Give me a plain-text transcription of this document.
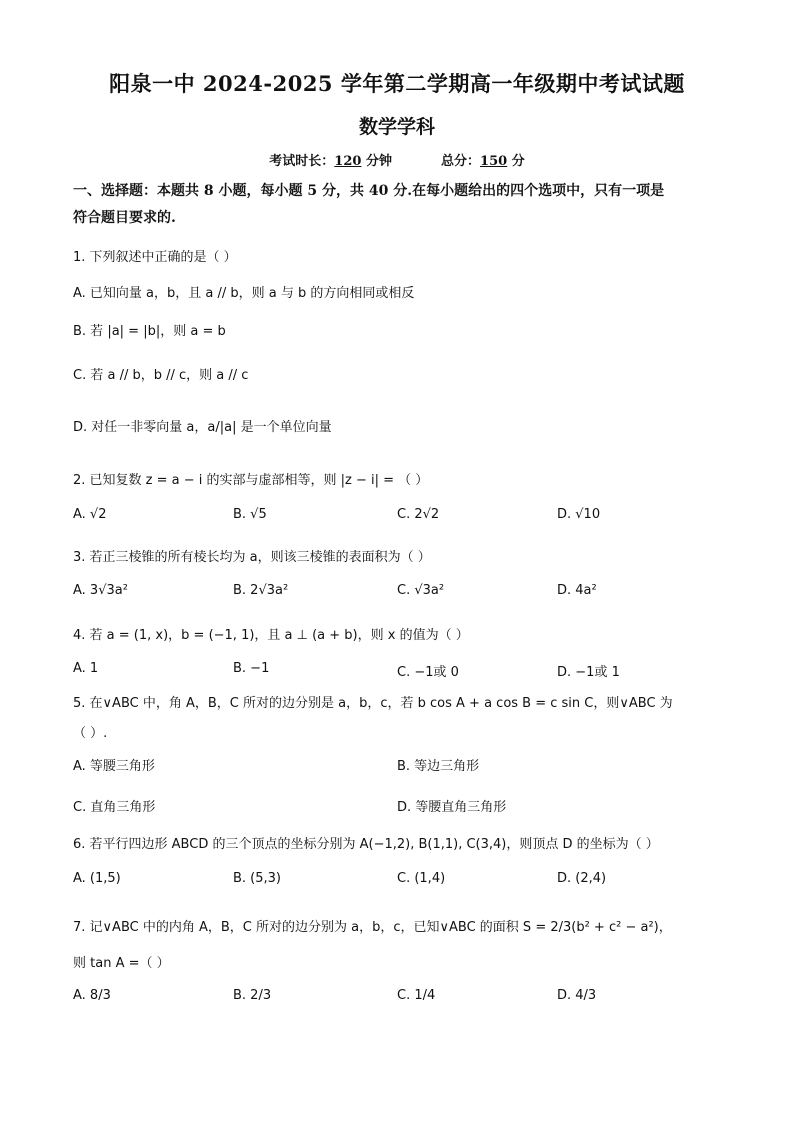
阳泉一中 2024-2025 学年第二学期高一年级期中考试试题
数学学科
考试时长：120 分钟	总分：150 分
一、选择题：本题共 8 小题，每小题 5 分，共 40 分.在每小题给出的四个选项中，只有一项是
符合题目要求的.
1. 下列叙述中正确的是（ ）
A. 已知向量 a，b，且 a // b，则 a 与 b 的方向相同或相反
B. 若 |a| = |b|，则 a = b
C. 若 a // b，b // c，则 a // c
D. 对任一非零向量 a，a/|a| 是一个单位向量
2. 已知复数 z = a − i 的实部与虚部相等，则 |z − i| = （ ）
A. √2	B. √5	C. 2√2	D. √10
3. 若正三棱锥的所有棱长均为 a，则该三棱锥的表面积为（ ）
A. 3√3a²	B. 2√3a²	C. √3a²	D. 4a²
4. 若 a = (1, x)，b = (−1, 1)，且 a ⊥ (a + b)，则 x 的值为（ ）
A. 1	B. −1	C. −1或 0	D. −1或 1
5. 在∨ABC 中，角 A，B，C 所对的边分别是 a，b，c，若 b cos A + a cos B = c sin C，则∨ABC 为
（ ）.
A. 等腰三角形	B. 等边三角形
C. 直角三角形	D. 等腰直角三角形
6. 若平行四边形 ABCD 的三个顶点的坐标分别为 A(−1,2), B(1,1), C(3,4)，则顶点 D 的坐标为（ ）
A. (1,5)	B. (5,3)	C. (1,4)	D. (2,4)
7. 记∨ABC 中的内角 A，B，C 所对的边分别为 a，b，c，已知∨ABC 的面积 S = 2/3(b² + c² − a²)，
则 tan A =（ ）
A. 8/3	B. 2/3	C. 1/4	D. 4/3
